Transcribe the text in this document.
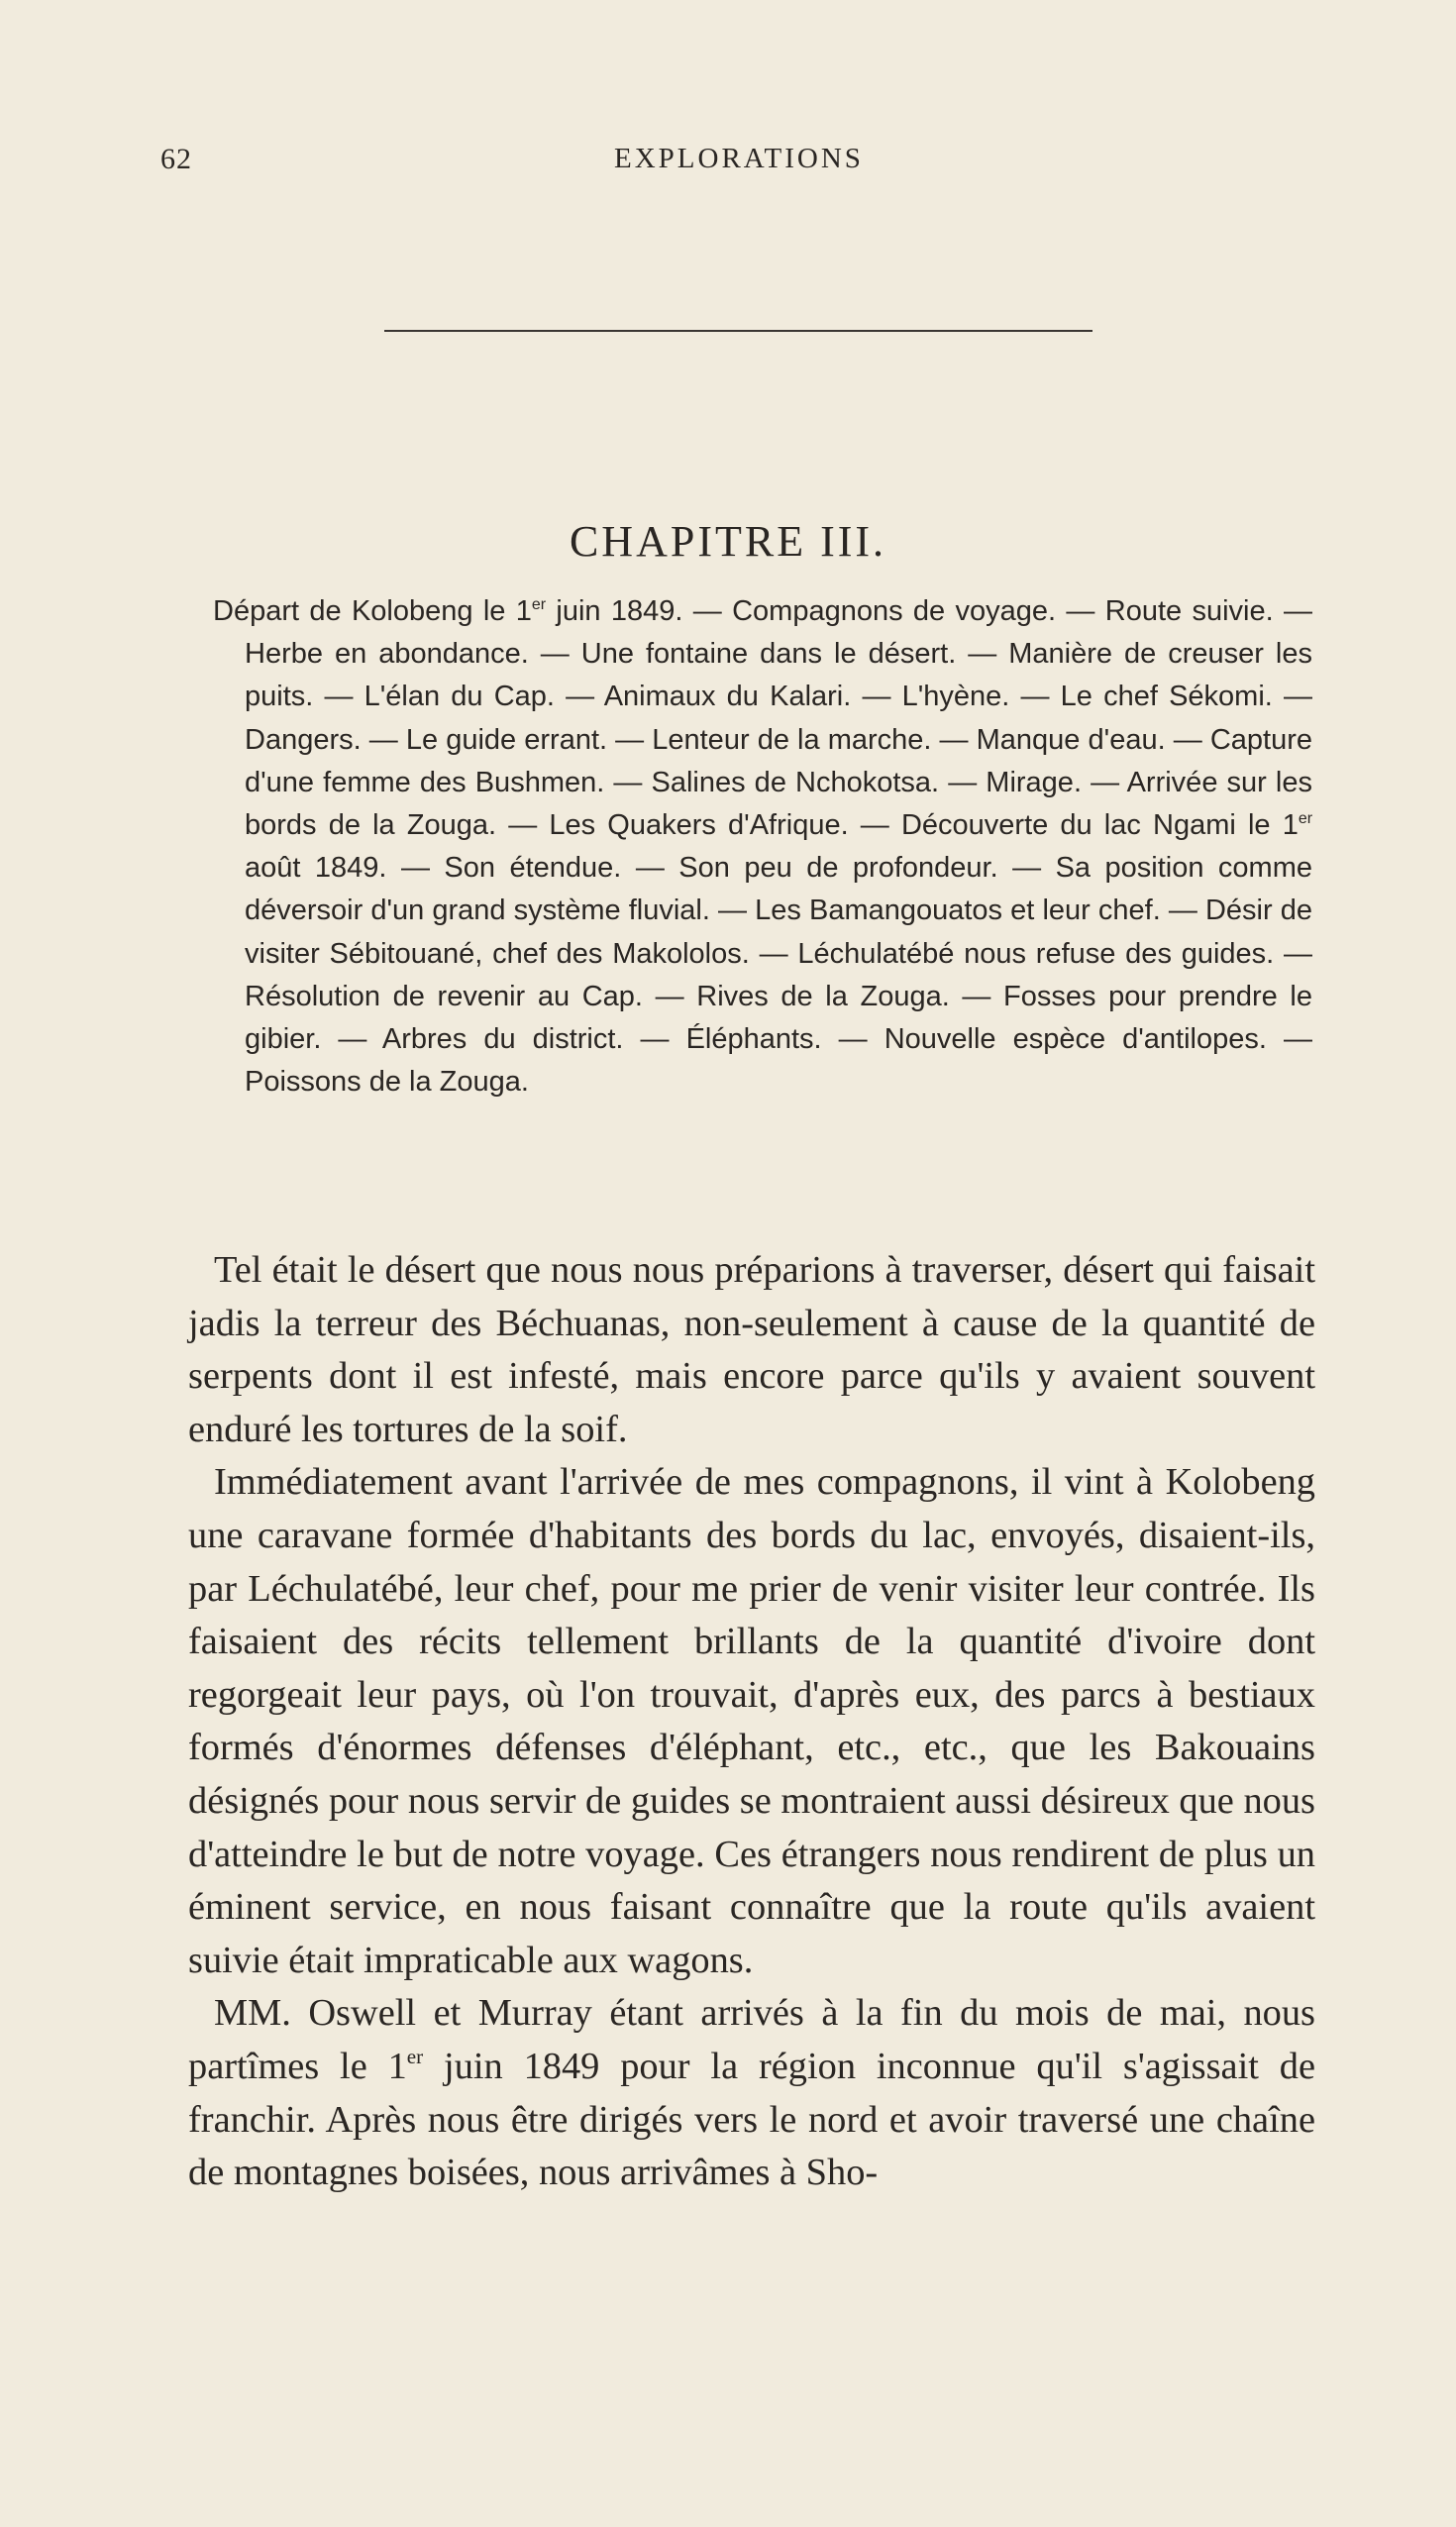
62	EXPLORATIONS
CHAPITRE III.

Départ de Kolobeng le 1er juin 1849. — Compagnons de voyage. — Route suivie. — Herbe en abondance. — Une fontaine dans le désert. — Manière de creuser les puits. — L'élan du Cap. — Animaux du Kalari. — L'hyène. — Le chef Sékomi. — Dangers. — Le guide errant. — Lenteur de la marche. — Manque d'eau. — Capture d'une femme des Bushmen. — Salines de Nchokotsa. — Mirage. — Arrivée sur les bords de la Zouga. — Les Quakers d'Afrique. — Découverte du lac Ngami le 1er août 1849. — Son étendue. — Son peu de profondeur. — Sa position comme déversoir d'un grand système fluvial. — Les Bamangouatos et leur chef. — Désir de visiter Sébitouané, chef des Makololos. — Léchulatébé nous refuse des guides. — Résolution de revenir au Cap. — Rives de la Zouga. — Fosses pour prendre le gibier. — Arbres du district. — Éléphants. — Nouvelle espèce d'antilopes. — Poissons de la Zouga.

Tel était le désert que nous nous préparions à traverser, désert qui faisait jadis la terreur des Béchuanas, non-seulement à cause de la quantité de serpents dont il est infesté, mais encore parce qu'ils y avaient souvent enduré les tortures de la soif.

Immédiatement avant l'arrivée de mes compagnons, il vint à Kolobeng une caravane formée d'habitants des bords du lac, envoyés, disaient-ils, par Léchulatébé, leur chef, pour me prier de venir visiter leur contrée. Ils faisaient des récits tellement brillants de la quantité d'ivoire dont regorgeait leur pays, où l'on trouvait, d'après eux, des parcs à bestiaux formés d'énormes défenses d'éléphant, etc., etc., que les Bakouains désignés pour nous servir de guides se montraient aussi désireux que nous d'atteindre le but de notre voyage. Ces étrangers nous rendirent de plus un éminent service, en nous faisant connaître que la route qu'ils avaient suivie était impraticable aux wagons.

MM. Oswell et Murray étant arrivés à la fin du mois de mai, nous partîmes le 1er juin 1849 pour la région inconnue qu'il s'agissait de franchir. Après nous être dirigés vers le nord et avoir traversé une chaîne de montagnes boisées, nous arrivâmes à Sho-
